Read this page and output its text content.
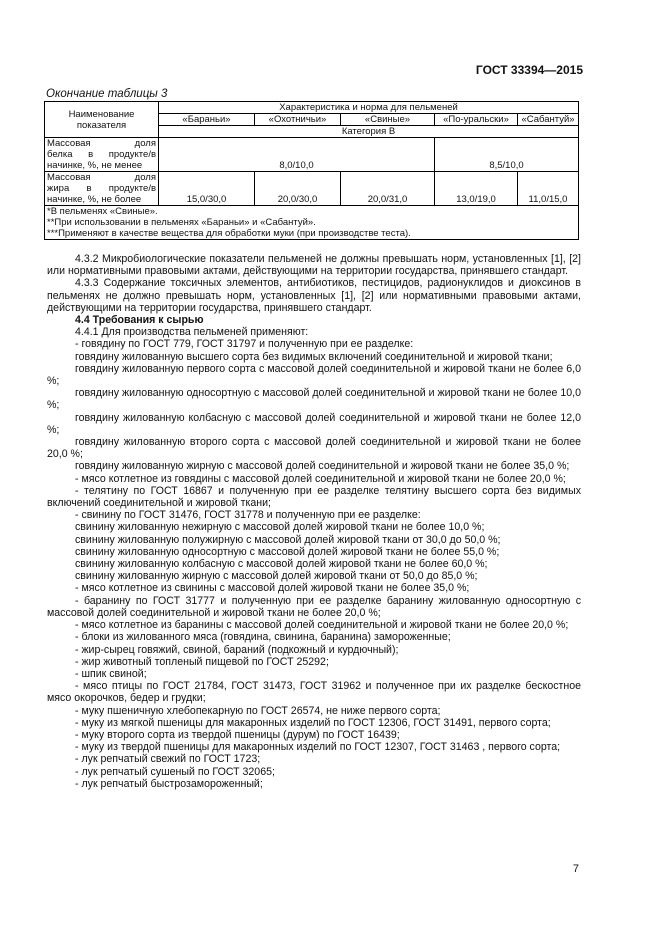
ГОСТ 33394—2015
Окончание таблицы 3
Наименование показателя	Характеристика и норма для пельменей				
	«Бараньи»	«Охотничьи»	«Свиные»	«По-уральски»	«Сабантуй»
	Категория В				

Массовая доля
белка в продукте/в
начинке, %, не менее	8,0/10,0			8,5/10,0	

Массовая доля
жира в продукте/в
начинке, %, не более	15,0/30,0	20,0/30,0	20,0/31,0	13,0/19,0	11,0/15,0
*В пельменях «Свиные».					
**При использовании в пельменях «Бараньи» и «Сабантуй».					
***Применяют в качестве вещества для обработки муки (при производстве теста).					

4.3.2 Микробиологические показатели пельменей не должны превышать норм, установленных [1], [2] или нормативными правовыми актами, действующими на территории государства, принявшего стандарт.

4.3.3 Содержание токсичных элементов, антибиотиков, пестицидов, радионуклидов и диоксинов в пельменях не должно превышать норм, установленных [1], [2] или нормативными правовыми актами, действующими на территории государства, принявшего стандарт.

4.4 Требования к сырью

4.4.1 Для производства пельменей применяют:

- говядину по ГОСТ 779, ГОСТ 31797 и полученную при ее разделке:

говядину жилованную высшего сорта без видимых включений соединительной и жировой ткани;

говядину жилованную первого сорта с массовой долей соединительной и жировой ткани не более 6,0 %;

говядину жилованную односортную с массовой долей соединительной и жировой ткани не более 10,0 %;

говядину жилованную колбасную с массовой долей соединительной и жировой ткани не более 12,0 %;

говядину жилованную второго сорта с массовой долей соединительной и жировой ткани не более 20,0 %;

говядину жилованную жирную с массовой долей соединительной и жировой ткани не более 35,0 %;

- мясо котлетное из говядины с массовой долей соединительной и жировой ткани не более 20,0 %;

- телятину по ГОСТ 16867 и полученную при ее разделке телятину высшего сорта без видимых включений соединительной и жировой ткани;

- свинину по ГОСТ 31476, ГОСТ 31778 и полученную при ее разделке:

свинину жилованную нежирную с массовой долей жировой ткани не более 10,0 %;

свинину жилованную полужирную с массовой долей жировой ткани от 30,0 до 50,0 %;

свинину жилованную односортную с массовой долей жировой ткани не более 55,0 %;

свинину жилованную колбасную с массовой долей жировой ткани не более 60,0 %;

свинину жилованную жирную с массовой долей жировой ткани от 50,0 до 85,0 %;

- мясо котлетное из свинины с массовой долей жировой ткани не более 35,0 %;

- баранину по ГОСТ 31777 и полученную при ее разделке баранину жилованную односортную с массовой долей соединительной и жировой ткани не более 20,0 %;

- мясо котлетное из баранины с массовой долей соединительной и жировой ткани не более 20,0 %;

- блоки из жилованного мяса (говядина, свинина, баранина) замороженные;

- жир-сырец говяжий, свиной, бараний (подкожный и курдючный);

- жир животный топленый пищевой по ГОСТ 25292;

- шпик свиной;

- мясо птицы по ГОСТ 21784, ГОСТ 31473, ГОСТ 31962 и полученное при их разделке бескостное мясо окорочков, бедер и грудки;

- муку пшеничную хлебопекарную по ГОСТ 26574, не ниже первого сорта;

- муку из мягкой пшеницы для макаронных изделий по ГОСТ 12306, ГОСТ 31491, первого сорта;

- муку второго сорта из твердой пшеницы (дурум) по ГОСТ 16439;

- муку из твердой пшеницы для макаронных изделий по ГОСТ 12307, ГОСТ 31463 , первого сорта;

- лук репчатый свежий по ГОСТ 1723;

- лук репчатый сушеный по ГОСТ 32065;

- лук репчатый быстрозамороженный;

7
